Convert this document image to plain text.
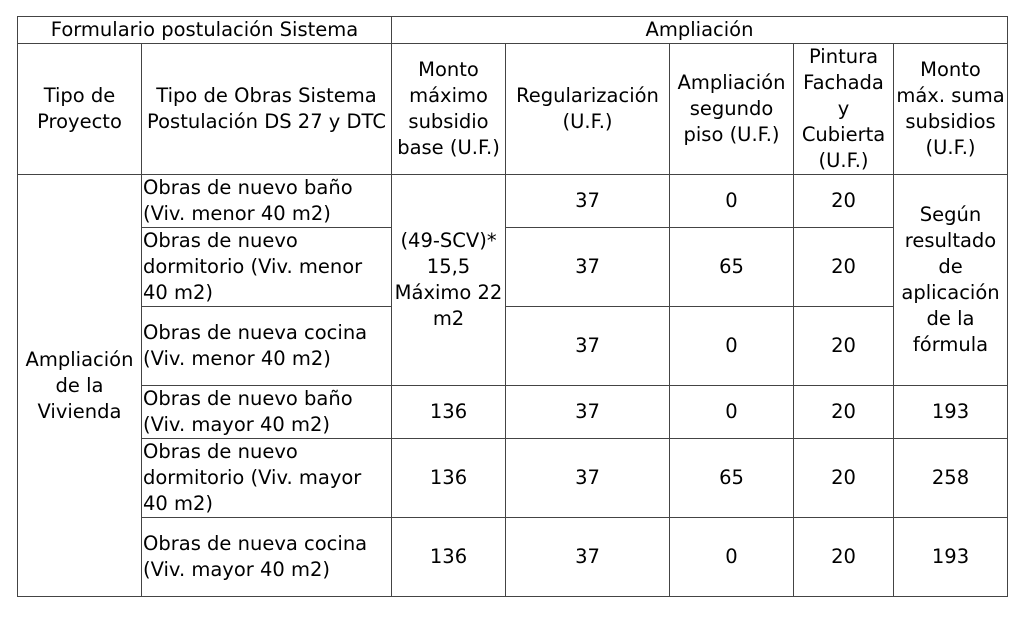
Formulario postulación Sistema		Ampliación				
Tipo de Proyecto	Tipo de Obras Sistema Postulación DS 27 y DTC	Monto máximo subsidio base (U.F.)	Regularización (U.F.)	Ampliación segundo piso (U.F.)	Pintura Fachada y Cubierta (U.F.)	Monto máx. suma subsidios (U.F.)
Ampliación de la Vivienda	Obras de nuevo baño (Viv. menor 40 m2)	(49-SCV)* 15,5 Máximo 22 m2	37	0	20	Según resultado de aplicación de la fórmula
	Obras de nuevo dormitorio (Viv. menor 40 m2)		37	65	20	
	Obras de nueva cocina (Viv. menor 40 m2)		37	0	20	
	Obras de nuevo baño (Viv. mayor 40 m2)	136	37	0	20	193
	Obras de nuevo dormitorio (Viv. mayor 40 m2)	136	37	65	20	258
	Obras de nueva cocina (Viv. mayor 40 m2)	136	37	0	20	193
